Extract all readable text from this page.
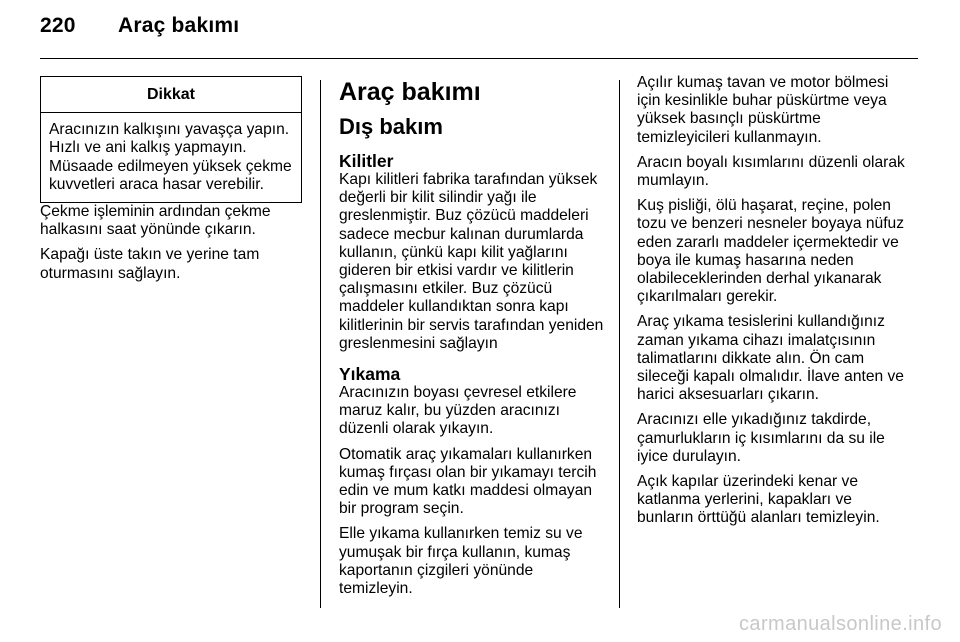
220 Araç bakımı
Dikkat
Aracınızın kalkışını yavaşça yapın. Hızlı ve ani kalkış yapmayın. Müsaade edilmeyen yüksek çekme kuvvetleri araca hasar verebilir.

Çekme işleminin ardından çekme halkasını saat yönünde çıkarın.

Kapağı üste takın ve yerine tam oturmasını sağlayın.

Araç bakımı
Dış bakım
Kilitler

Kapı kilitleri fabrika tarafından yüksek değerli bir kilit silindir yağı ile greslenmiştir. Buz çözücü maddeleri sadece mecbur kalınan durumlarda kullanın, çünkü kapı kilit yağlarını gideren bir etkisi vardır ve kilitlerin çalışmasını etkiler. Buz çözücü maddeler kullandıktan sonra kapı kilitlerinin bir servis tarafından yeniden greslenmesini sağlayın

Yıkama

Aracınızın boyası çevresel etkilere maruz kalır, bu yüzden aracınızı düzenli olarak yıkayın.

Otomatik araç yıkamaları kullanırken kumaş fırçası olan bir yıkamayı tercih edin ve mum katkı maddesi olmayan bir program seçin.

Elle yıkama kullanırken temiz su ve yumuşak bir fırça kullanın, kumaş kaportanın çizgileri yönünde temizleyin.

Açılır kumaş tavan ve motor bölmesi için kesinlikle buhar püskürtme veya yüksek basınçlı püskürtme temizleyicileri kullanmayın.

Aracın boyalı kısımlarını düzenli olarak mumlayın.

Kuş pisliği, ölü haşarat, reçine, polen tozu ve benzeri nesneler boyaya nüfuz eden zararlı maddeler içermektedir ve boya ile kumaş hasarına neden olabileceklerinden derhal yıkanarak çıkarılmaları gerekir.

Araç yıkama tesislerini kullandığınız zaman yıkama cihazı imalatçısının talimatlarını dikkate alın. Ön cam sileceği kapalı olmalıdır. İlave anten ve harici aksesuarları çıkarın.

Aracınızı elle yıkadığınız takdirde, çamurlukların iç kısımlarını da su ile iyice durulayın.

Açık kapılar üzerindeki kenar ve katlanma yerlerini, kapakları ve bunların örttüğü alanları temizleyin.

carmanualsonline.info
